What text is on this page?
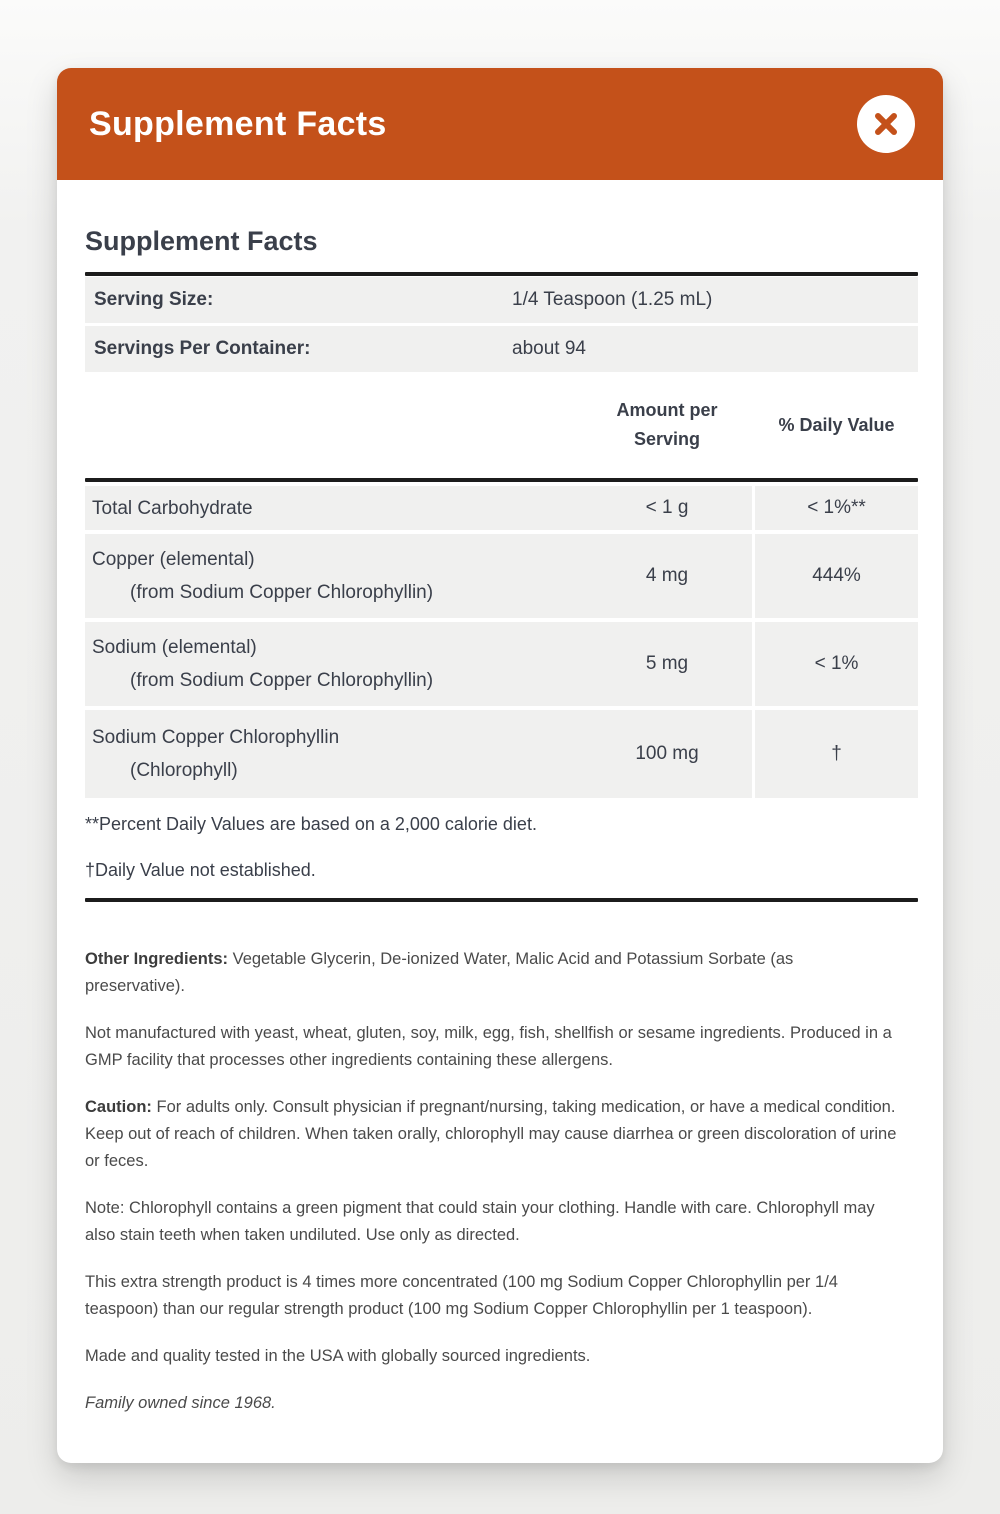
Supplement Facts
Supplement Facts
Serving Size:	1/4 Teaspoon (1.25 mL)
Servings Per Container:	about 94
Amount per
Serving
% Daily Value
Total Carbohydrate	< 1 g	< 1%**
Copper (elemental)
(from Sodium Copper Chlorophyllin)
4 mg	444%
Sodium (elemental)
(from Sodium Copper Chlorophyllin)
5 mg	< 1%
Sodium Copper Chlorophyllin
(Chlorophyll)
100 mg	†
**Percent Daily Values are based on a 2,000 calorie diet.
†Daily Value not established.

Other Ingredients: Vegetable Glycerin, De-ionized Water, Malic Acid and Potassium Sorbate (as preservative).

Not manufactured with yeast, wheat, gluten, soy, milk, egg, fish, shellfish or sesame ingredients. Produced in a GMP facility that processes other ingredients containing these allergens.

Caution: For adults only. Consult physician if pregnant/nursing, taking medication, or have a medical condition. Keep out of reach of children. When taken orally, chlorophyll may cause diarrhea or green discoloration of urine or feces.

Note: Chlorophyll contains a green pigment that could stain your clothing. Handle with care. Chlorophyll may also stain teeth when taken undiluted. Use only as directed.

This extra strength product is 4 times more concentrated (100 mg Sodium Copper Chlorophyllin per 1/4 teaspoon) than our regular strength product (100 mg Sodium Copper Chlorophyllin per 1 teaspoon).

Made and quality tested in the USA with globally sourced ingredients.

Family owned since 1968.
